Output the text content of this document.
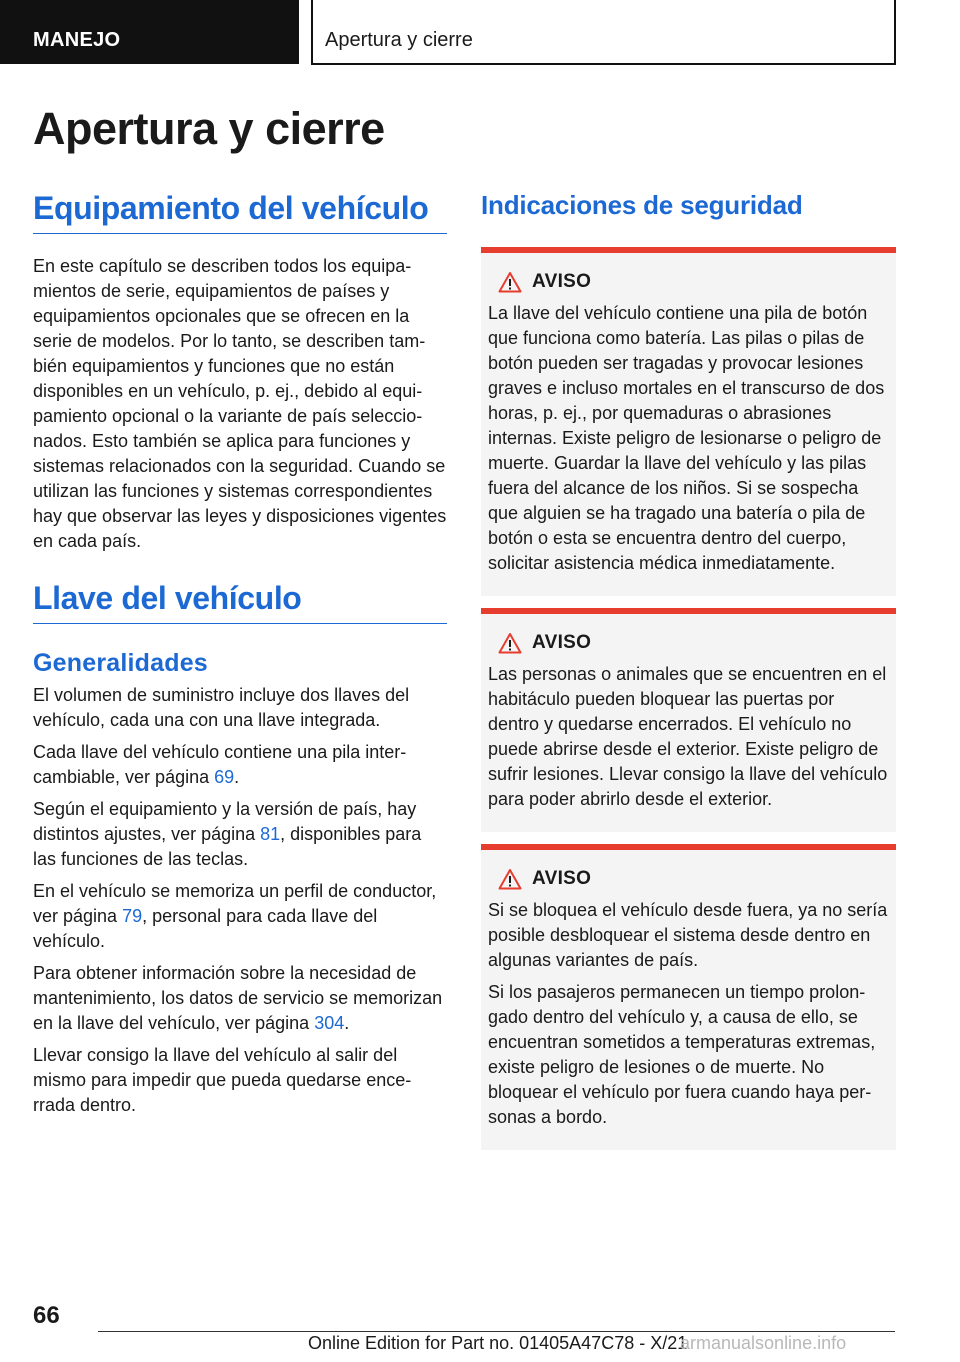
MANEJO	Apertura y cierre
Apertura y cierre
Equipamiento del vehículo

En este capítulo se describen todos los equipamientos de serie, equipamientos de países y equipamientos opcionales que se ofrecen en la serie de modelos. Por lo tanto, se describen también equipamientos y funciones que no están disponibles en un vehículo, p. ej., debido al equipamiento opcional o la variante de país seleccionados. Esto también se aplica para funciones y sistemas relacionados con la seguridad. Cuando se utilizan las funciones y sistemas correspondientes hay que observar las leyes y disposiciones vigentes en cada país.

Llave del vehículo
Generalidades

El volumen de suministro incluye dos llaves del vehículo, cada una con una llave integrada.

Cada llave del vehículo contiene una pila intercambiable, ver página 69.

Según el equipamiento y la versión de país, hay distintos ajustes, ver página 81, disponibles para las funciones de las teclas.

En el vehículo se memoriza un perfil de conductor, ver página 79, personal para cada llave del vehículo.

Para obtener información sobre la necesidad de mantenimiento, los datos de servicio se memorizan en la llave del vehículo, ver página 304.

Llevar consigo la llave del vehículo al salir del mismo para impedir que pueda quedarse encerrada dentro.

Indicaciones de seguridad
AVISO

La llave del vehículo contiene una pila de botón que funciona como batería. Las pilas o pilas de botón pueden ser tragadas y provocar lesiones graves e incluso mortales en el transcurso de dos horas, p. ej., por quemaduras o abrasiones internas. Existe peligro de lesionarse o peligro de muerte. Guardar la llave del vehículo y las pilas fuera del alcance de los niños. Si se sospecha que alguien se ha tragado una batería o pila de botón o esta se encuentra dentro del cuerpo, solicitar asistencia médica inmediatamente.

AVISO

Las personas o animales que se encuentren en el habitáculo pueden bloquear las puertas por dentro y quedarse encerrados. El vehículo no puede abrirse desde el exterior. Existe peligro de sufrir lesiones. Llevar consigo la llave del vehículo para poder abrirlo desde el exterior.

AVISO

Si se bloquea el vehículo desde fuera, ya no sería posible desbloquear el sistema desde dentro en algunas variantes de país.

Si los pasajeros permanecen un tiempo prolongado dentro del vehículo y, a causa de ello, se encuentran sometidos a temperaturas extremas, existe peligro de lesiones o de muerte. No bloquear el vehículo por fuera cuando haya personas a bordo.

66
Online Edition for Part no. 01405A47C78 - X/21
armanualsonline.info
